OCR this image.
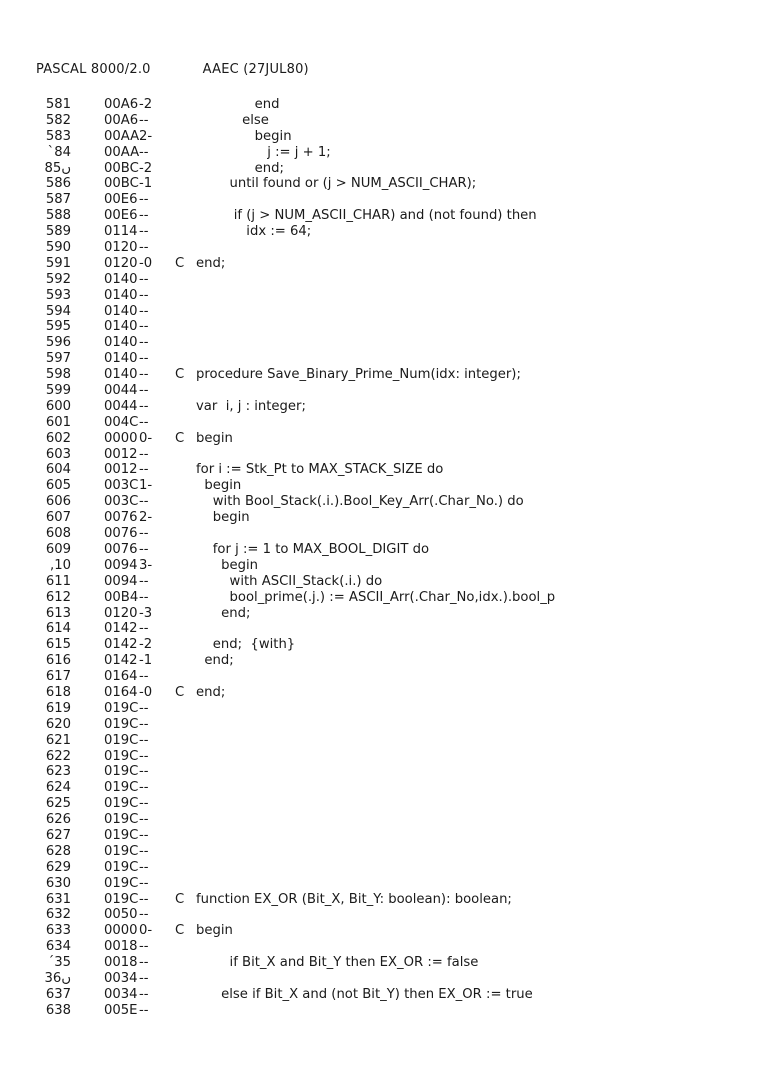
PASCAL 8000/2.0	AAEC (27JUL80)
581	00A6 -2	end
582	00A6 --	else
583	00AA 2-	begin
`84	00AA --	j := j + 1;
ں85	00BC -2	end;
586	00BC -1	until found or (j > NUM_ASCII_CHAR);
587	00E6 --
588	00E6 --	if (j > NUM_ASCII_CHAR) and (not found) then
589	0114 --	idx := 64;
590	0120 --
591	0120 -0 C end;
592	0140 --
593	0140 --
594	0140 --
595	0140 --
596	0140 --
597	0140 --
598	0140 -- C procedure Save_Binary_Prime_Num(idx: integer);
599	0044 --
600	0044 --	var  i, j : integer;
601	004C --
602	0000 0- C begin
603	0012 --
604	0012 --	for i := Stk_Pt to MAX_STACK_SIZE do
605	003C 1-	begin
606	003C --	with Bool_Stack(.i.).Bool_Key_Arr(.Char_No.) do
607	0076 2-	begin
608	0076 --
609	0076 --	for j := 1 to MAX_BOOL_DIGIT do
,10	0094 3-	begin
611	0094 --	with ASCII_Stack(.i.) do
612	00B4 --	bool_prime(.j.) := ASCII_Arr(.Char_No,idx.).bool_p
613	0120 -3	end;
614	0142 --
615	0142 -2	end;  {with}
616	0142 -1	end;
617	0164 --
618	0164 -0 C end;
619	019C --
620	019C --
621	019C --
622	019C --
623	019C --
624	019C --
625	019C --
626	019C --
627	019C --
628	019C --
629	019C --
630	019C --
631	019C -- C function EX_OR (Bit_X, Bit_Y: boolean): boolean;
632	0050 --
633	0000 0- C begin
634	0018 --
´35	0018 --	if Bit_X and Bit_Y then EX_OR := false
ں36	0034 --
637	0034 --	else if Bit_X and (not Bit_Y) then EX_OR := true
638	005E --
